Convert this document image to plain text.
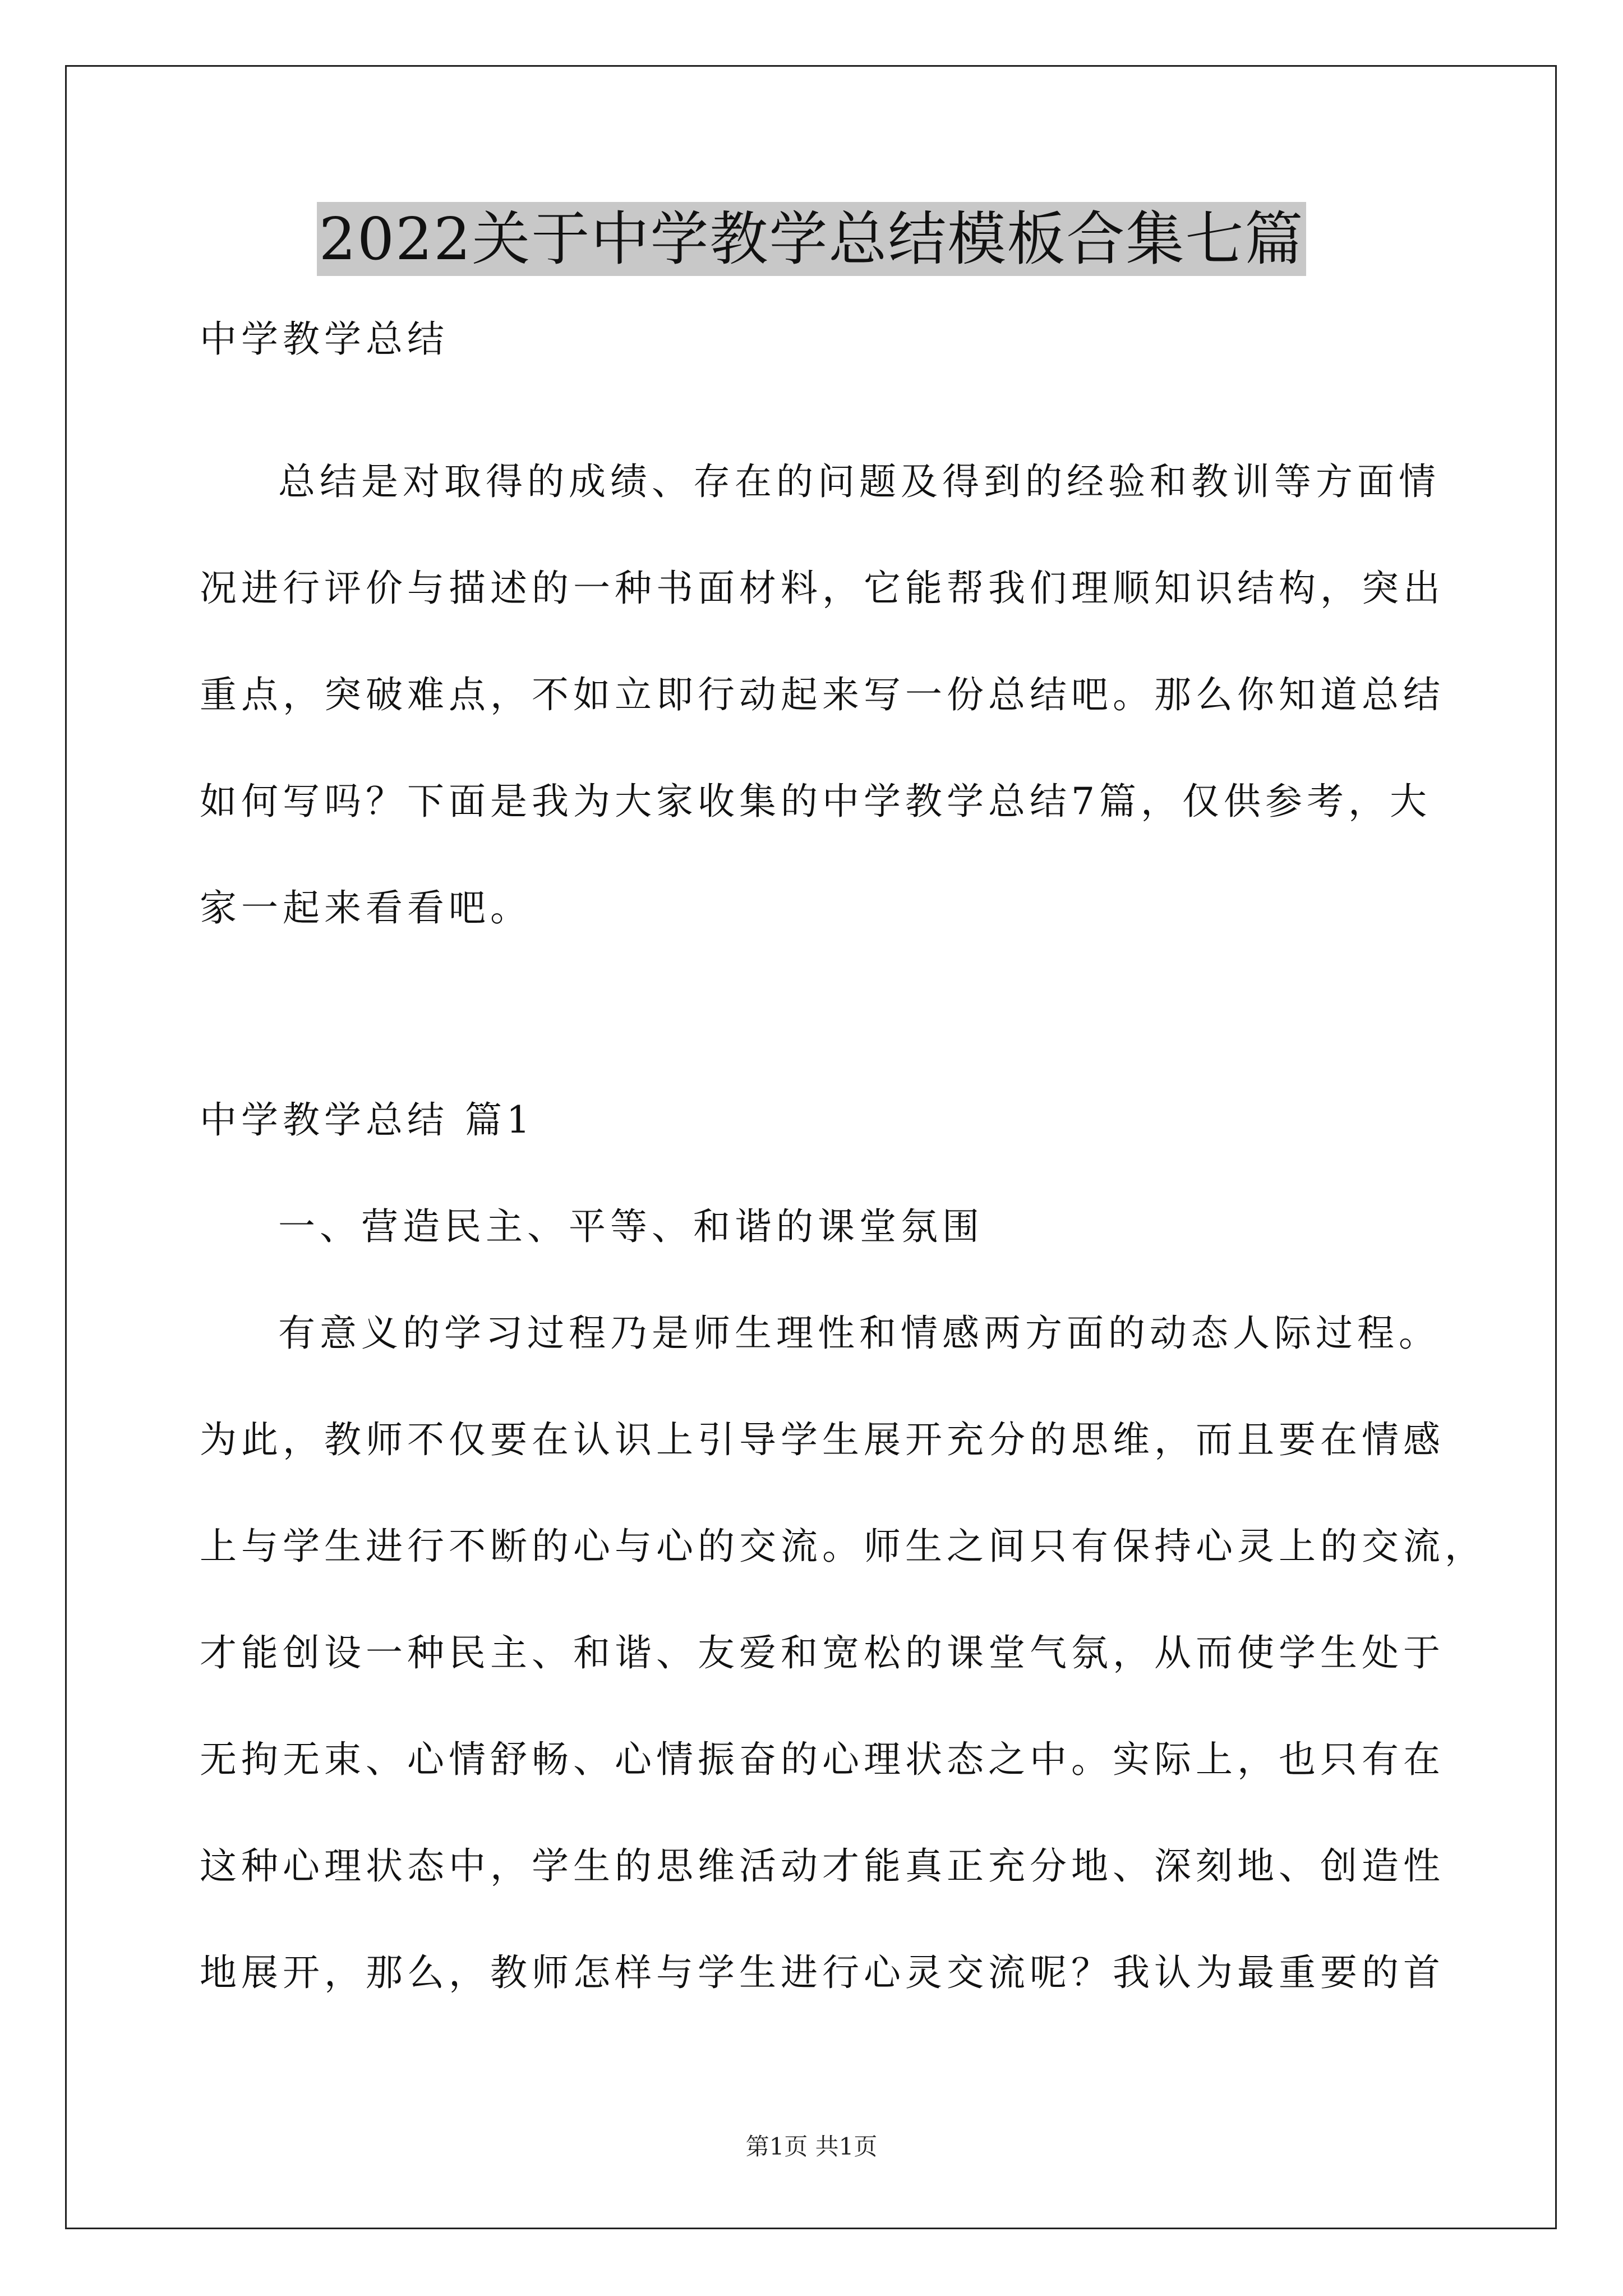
2022关于中学教学总结模板合集七篇
中学教学总结
总结是对取得的成绩、存在的问题及得到的经验和教训等方面情
况进行评价与描述的一种书面材料，它能帮我们理顺知识结构，突出
重点，突破难点，不如立即行动起来写一份总结吧。那么你知道总结
如何写吗？下面是我为大家收集的中学教学总结7篇，仅供参考，大
家一起来看看吧。
中学教学总结 篇1
一、营造民主、平等、和谐的课堂氛围
有意义的学习过程乃是师生理性和情感两方面的动态人际过程。
为此，教师不仅要在认识上引导学生展开充分的思维，而且要在情感
上与学生进行不断的心与心的交流。师生之间只有保持心灵上的交流，
才能创设一种民主、和谐、友爱和宽松的课堂气氛，从而使学生处于
无拘无束、心情舒畅、心情振奋的心理状态之中。实际上，也只有在
这种心理状态中，学生的思维活动才能真正充分地、深刻地、创造性
地展开，那么，教师怎样与学生进行心灵交流呢？我认为最重要的首
第1页 共1页
